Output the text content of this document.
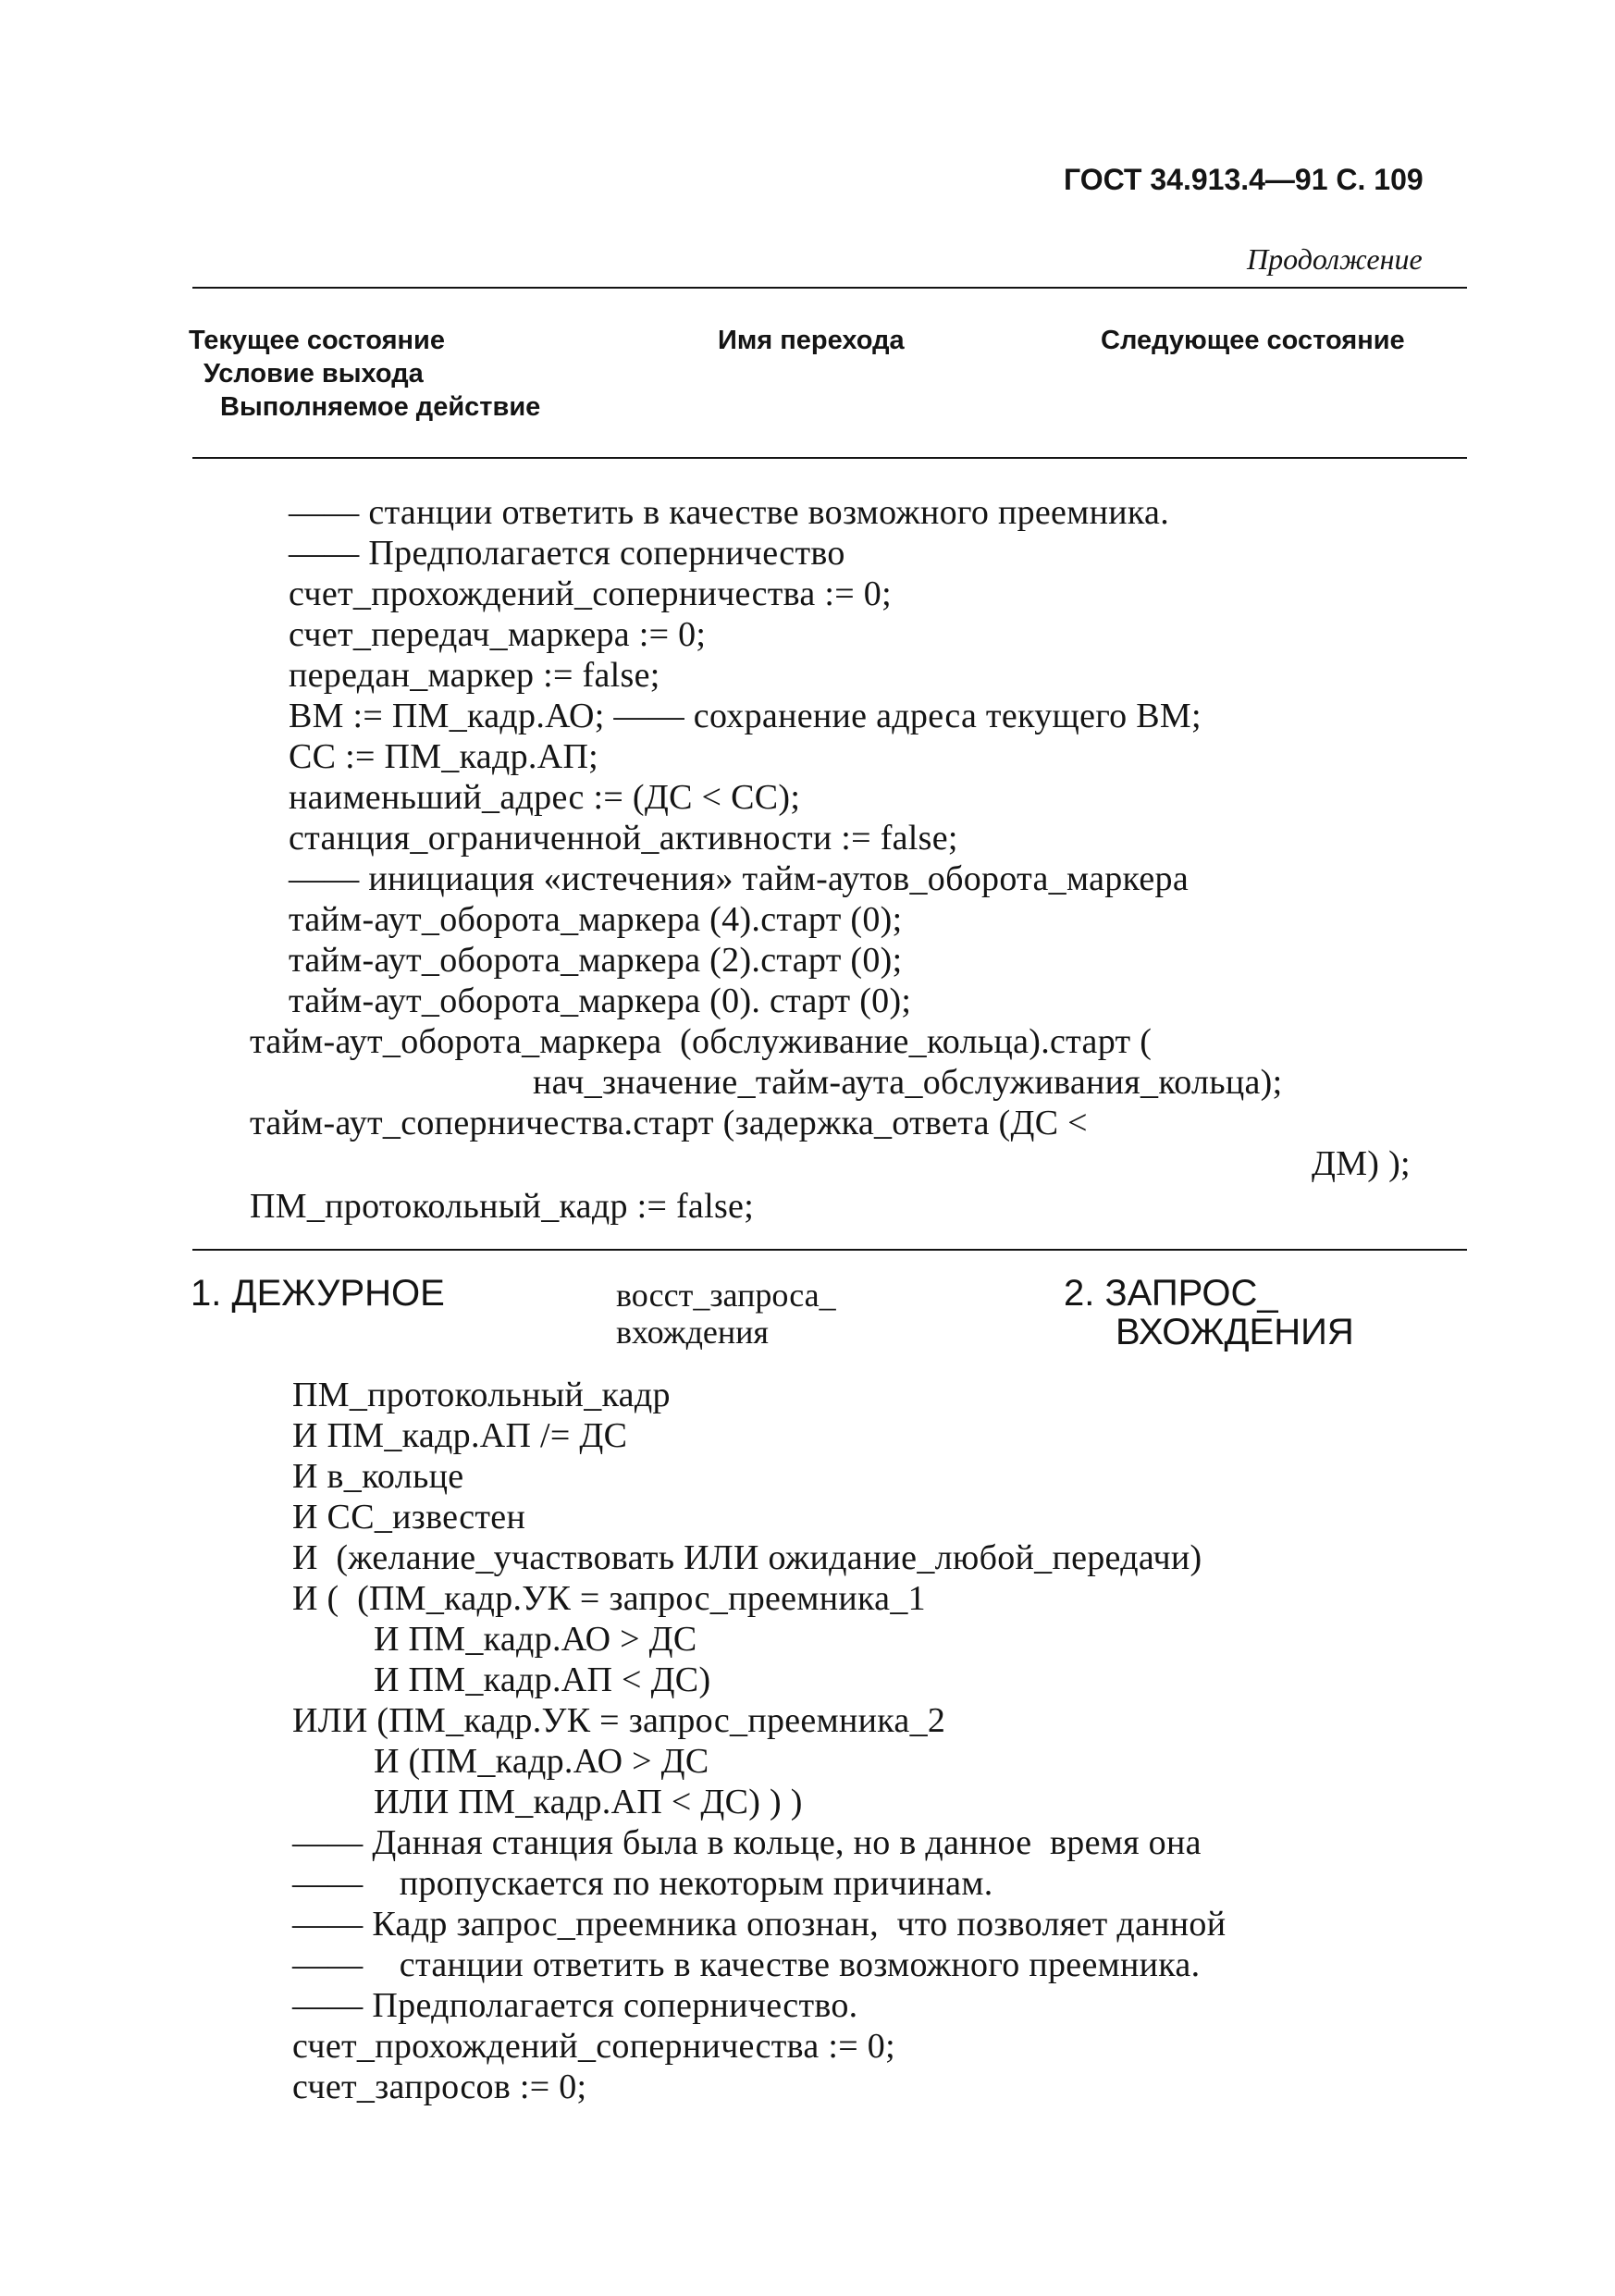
ГОСТ 34.913.4—91 С. 109
Продолжение
Текущее состояние
Условие выхода
Выполняемое действие
Имя перехода	Следующее состояние
—— станции ответить в качестве возможного преемника.
—— Предполагается соперничество
счет_прохождений_соперничества := 0;
счет_передач_маркера := 0;
передан_маркер := false;
ВМ := ПМ_кадр.АО; —— сохранение адреса текущего ВМ;
СС := ПМ_кадр.АП;
наименьший_адрес := (ДС < СС);
станция_ограниченной_активности := false;
—— инициация «истечения» тайм-аутов_оборота_маркера
тайм-аут_оборота_маркера (4).старт (0);
тайм-аут_оборота_маркера (2).старт (0);
тайм-аут_оборота_маркера (0). старт (0);
тайм-аут_оборота_маркера  (обслуживание_кольца).старт (
нач_значение_тайм-аута_обслуживания_кольца);
тайм-аут_соперничества.старт (задержка_ответа (ДС <
ДМ) );
ПМ_протокольный_кадр := false;
1. ДЕЖУРНОЕ	восст_запроса_
вхождения
2. ЗАПРОС_
ВХОЖДЕНИЯ
ПМ_протокольный_кадр
И ПМ_кадр.АП /= ДС
И в_кольце
И СС_известен
И  (желание_участвовать ИЛИ ожидание_любой_передачи)
И (  (ПМ_кадр.УК = запрос_преемника_1
И ПМ_кадр.АО > ДС
И ПМ_кадр.АП < ДС)
ИЛИ (ПМ_кадр.УК = запрос_преемника_2
И (ПМ_кадр.АО > ДС
ИЛИ ПМ_кадр.АП < ДС) ) )
—— Данная станция была в кольце, но в данное  время она
——    пропускается по некоторым причинам.
—— Кадр запрос_преемника опознан,  что позволяет данной
——    станции ответить в качестве возможного преемника.
—— Предполагается соперничество.
счет_прохождений_соперничества := 0;
счет_запросов := 0;
